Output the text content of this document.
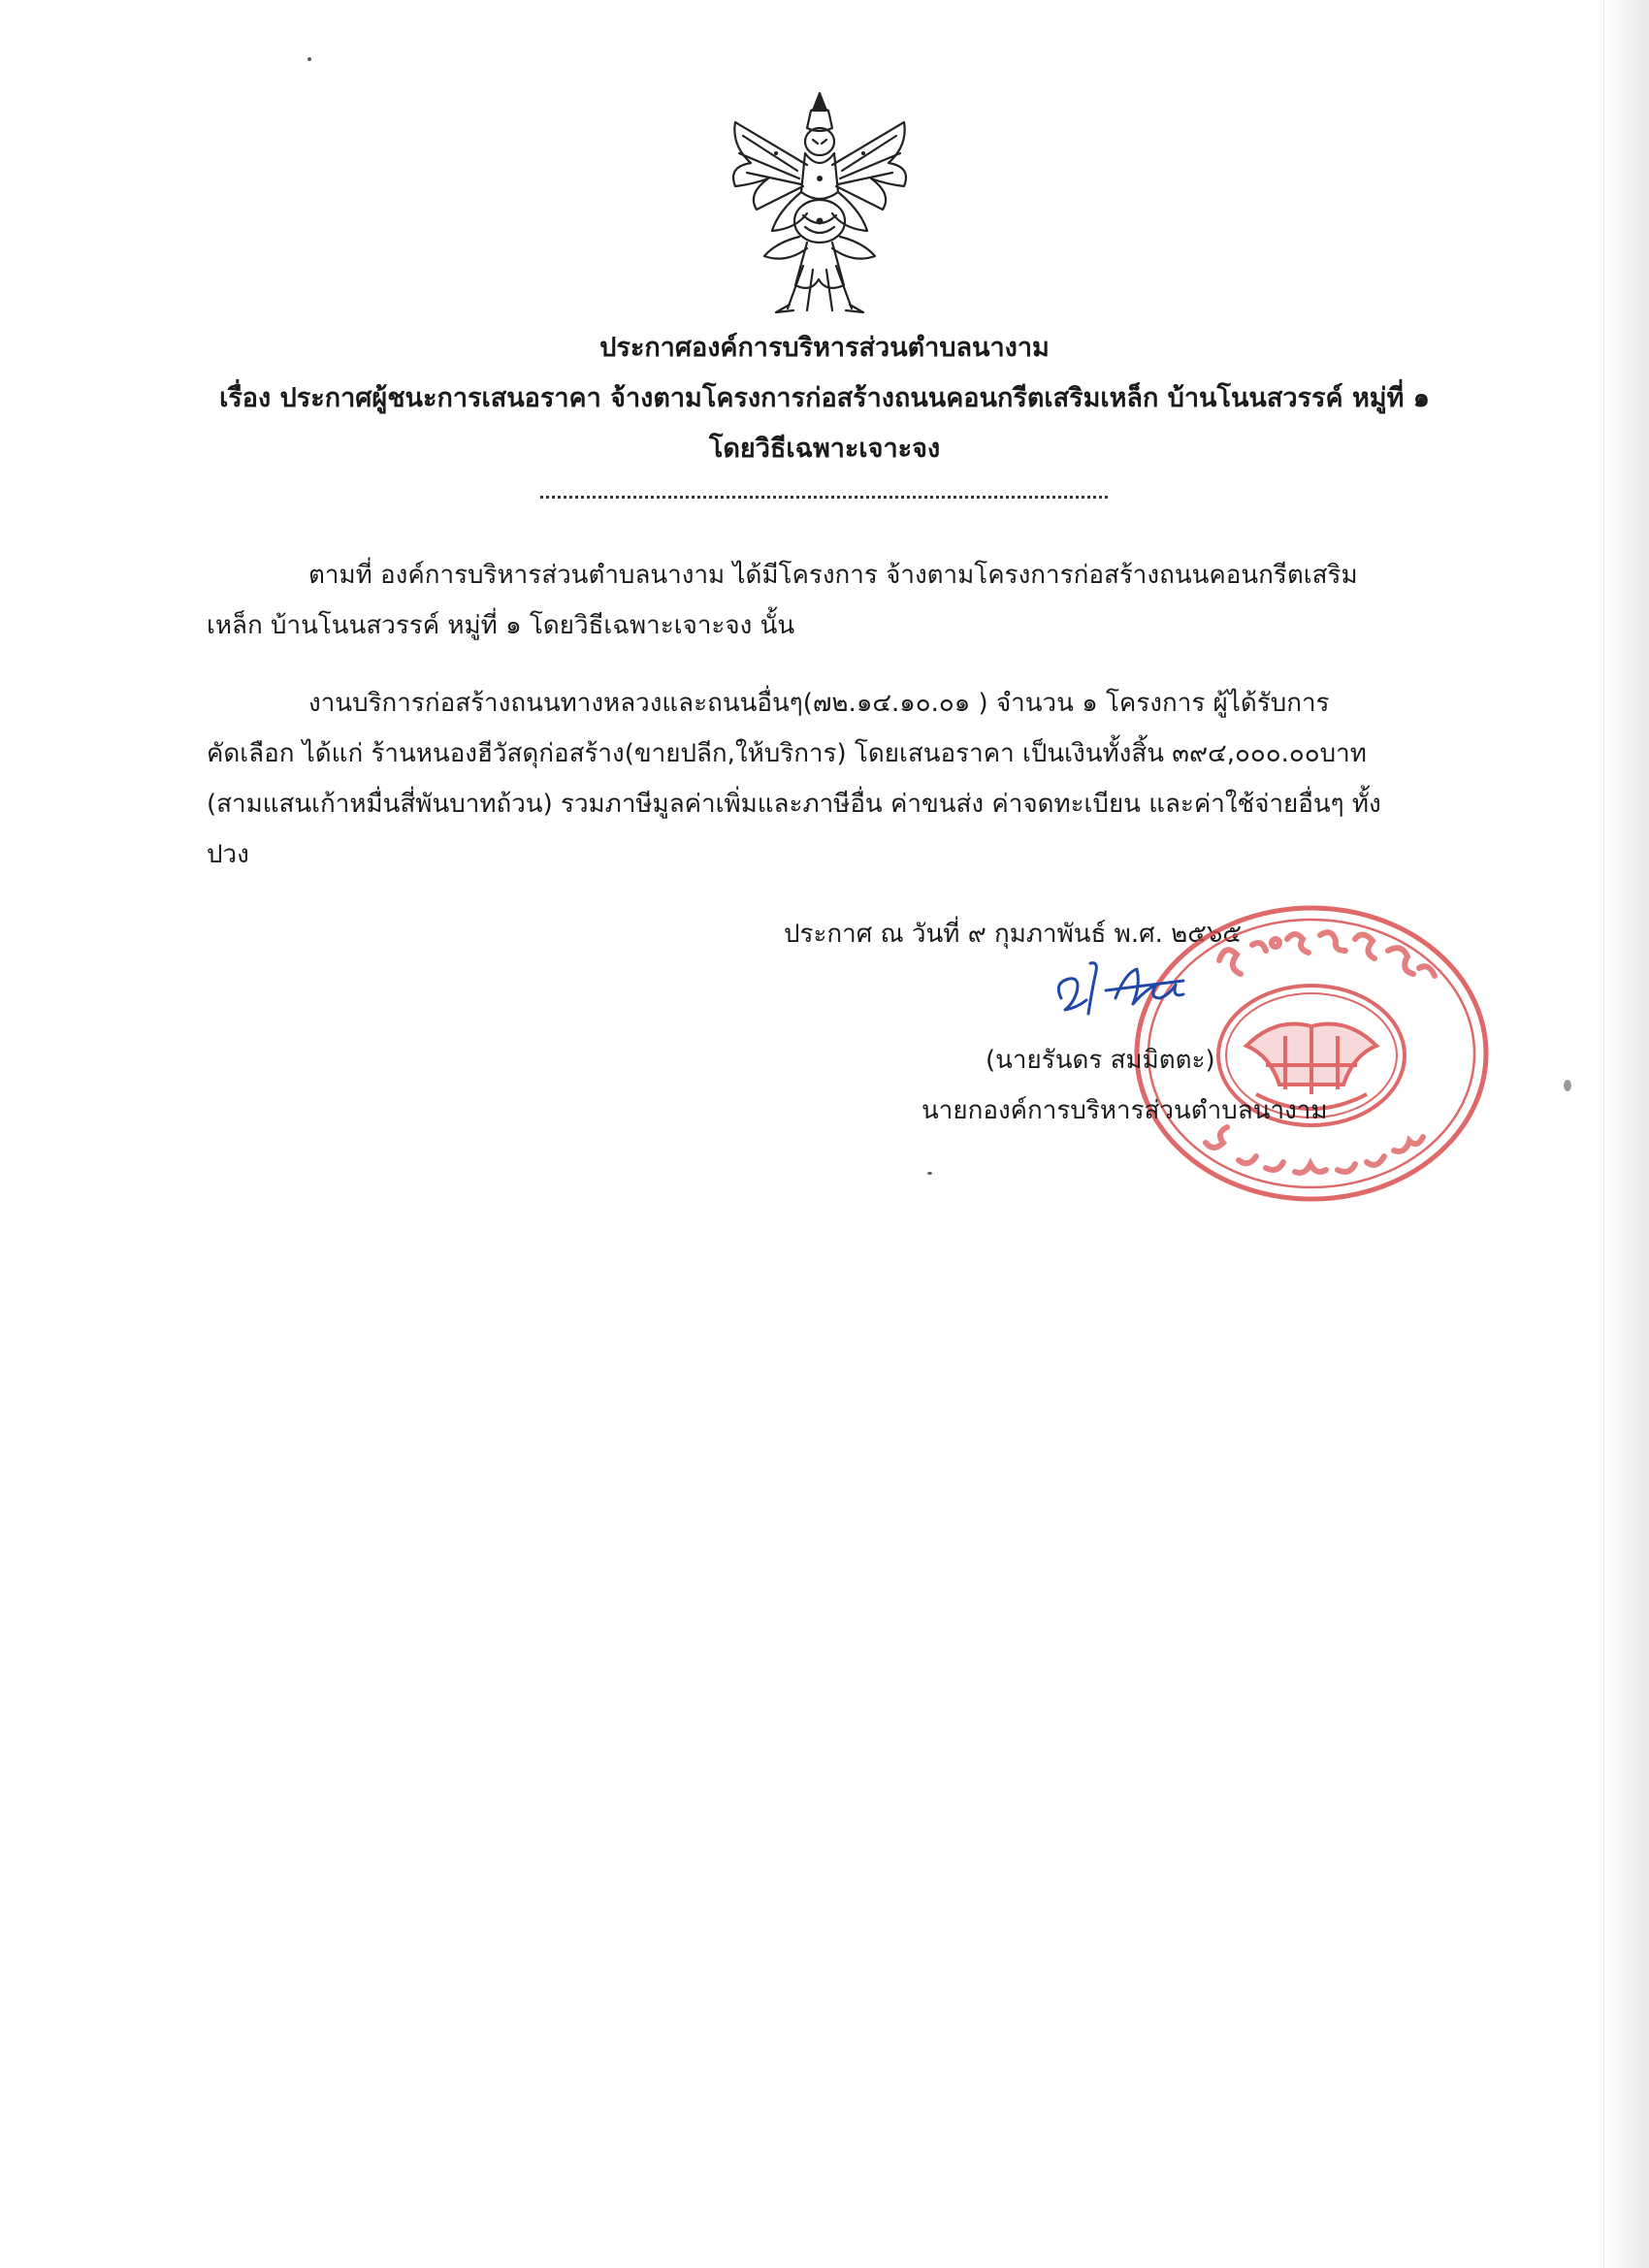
ประกาศองค์การบริหารส่วนตำบลนางาม
เรื่อง ประกาศผู้ชนะการเสนอราคา จ้างตามโครงการก่อสร้างถนนคอนกรีตเสริมเหล็ก บ้านโนนสวรรค์ หมู่ที่ ๑
โดยวิธีเฉพาะเจาะจง
ตามที่ องค์การบริหารส่วนตำบลนางาม ได้มีโครงการ จ้างตามโครงการก่อสร้างถนนคอนกรีตเสริม
เหล็ก บ้านโนนสวรรค์ หมู่ที่ ๑ โดยวิธีเฉพาะเจาะจง นั้น
งานบริการก่อสร้างถนนทางหลวงและถนนอื่นๆ(๗๒.๑๔.๑๐.๐๑ ) จำนวน ๑ โครงการ ผู้ได้รับการ
คัดเลือก ได้แก่ ร้านหนองฮีวัสดุก่อสร้าง(ขายปลีก,ให้บริการ) โดยเสนอราคา เป็นเงินทั้งสิ้น ๓๙๔,๐๐๐.๐๐บาท
(สามแสนเก้าหมื่นสี่พันบาทถ้วน) รวมภาษีมูลค่าเพิ่มและภาษีอื่น ค่าขนส่ง ค่าจดทะเบียน และค่าใช้จ่ายอื่นๆ ทั้ง
ปวง
ประกาศ ณ วันที่ ๙ กุมภาพันธ์ พ.ศ. ๒๕๖๕
(นายรันดร สมมิตตะ)
นายกองค์การบริหารส่วนตำบลนางาม
